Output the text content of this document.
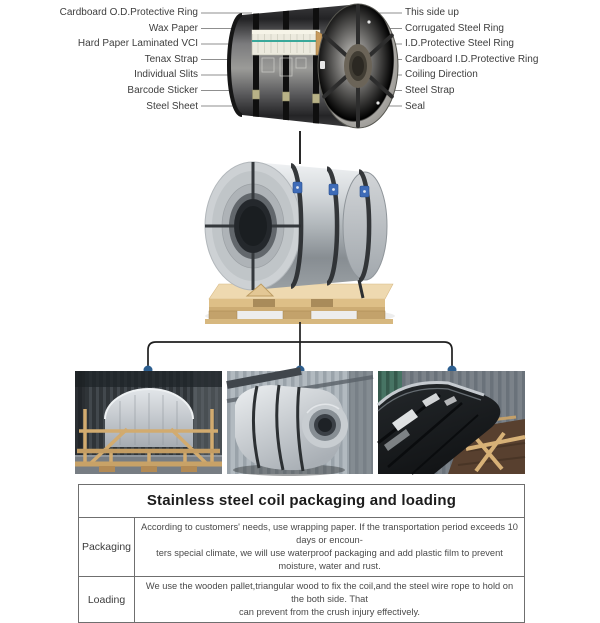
Cardboard O.D.Protective Ring
Wax Paper
Hard Paper Laminated VCI
Tenax Strap
Individual Slits
Barcode Sticker
Steel Sheet
This side up
Corrugated Steel Ring
I.D.Protective Steel Ring
Cardboard I.D.Protective Ring
Coiling Direction
Steel Strap
Seal
Stainless steel coil packaging and loading
Packaging
According to customers' needs, use wrapping paper. If the transportation period exceeds 10 days or encoun-
ters special climate, we will use waterproof packaging and add plastic film to prevent moisture, water and rust.
Loading
We use the wooden pallet,triangular wood to fix the coil,and the steel wire rope to hold on the both side. That
can prevent from the crush injury effectively.
